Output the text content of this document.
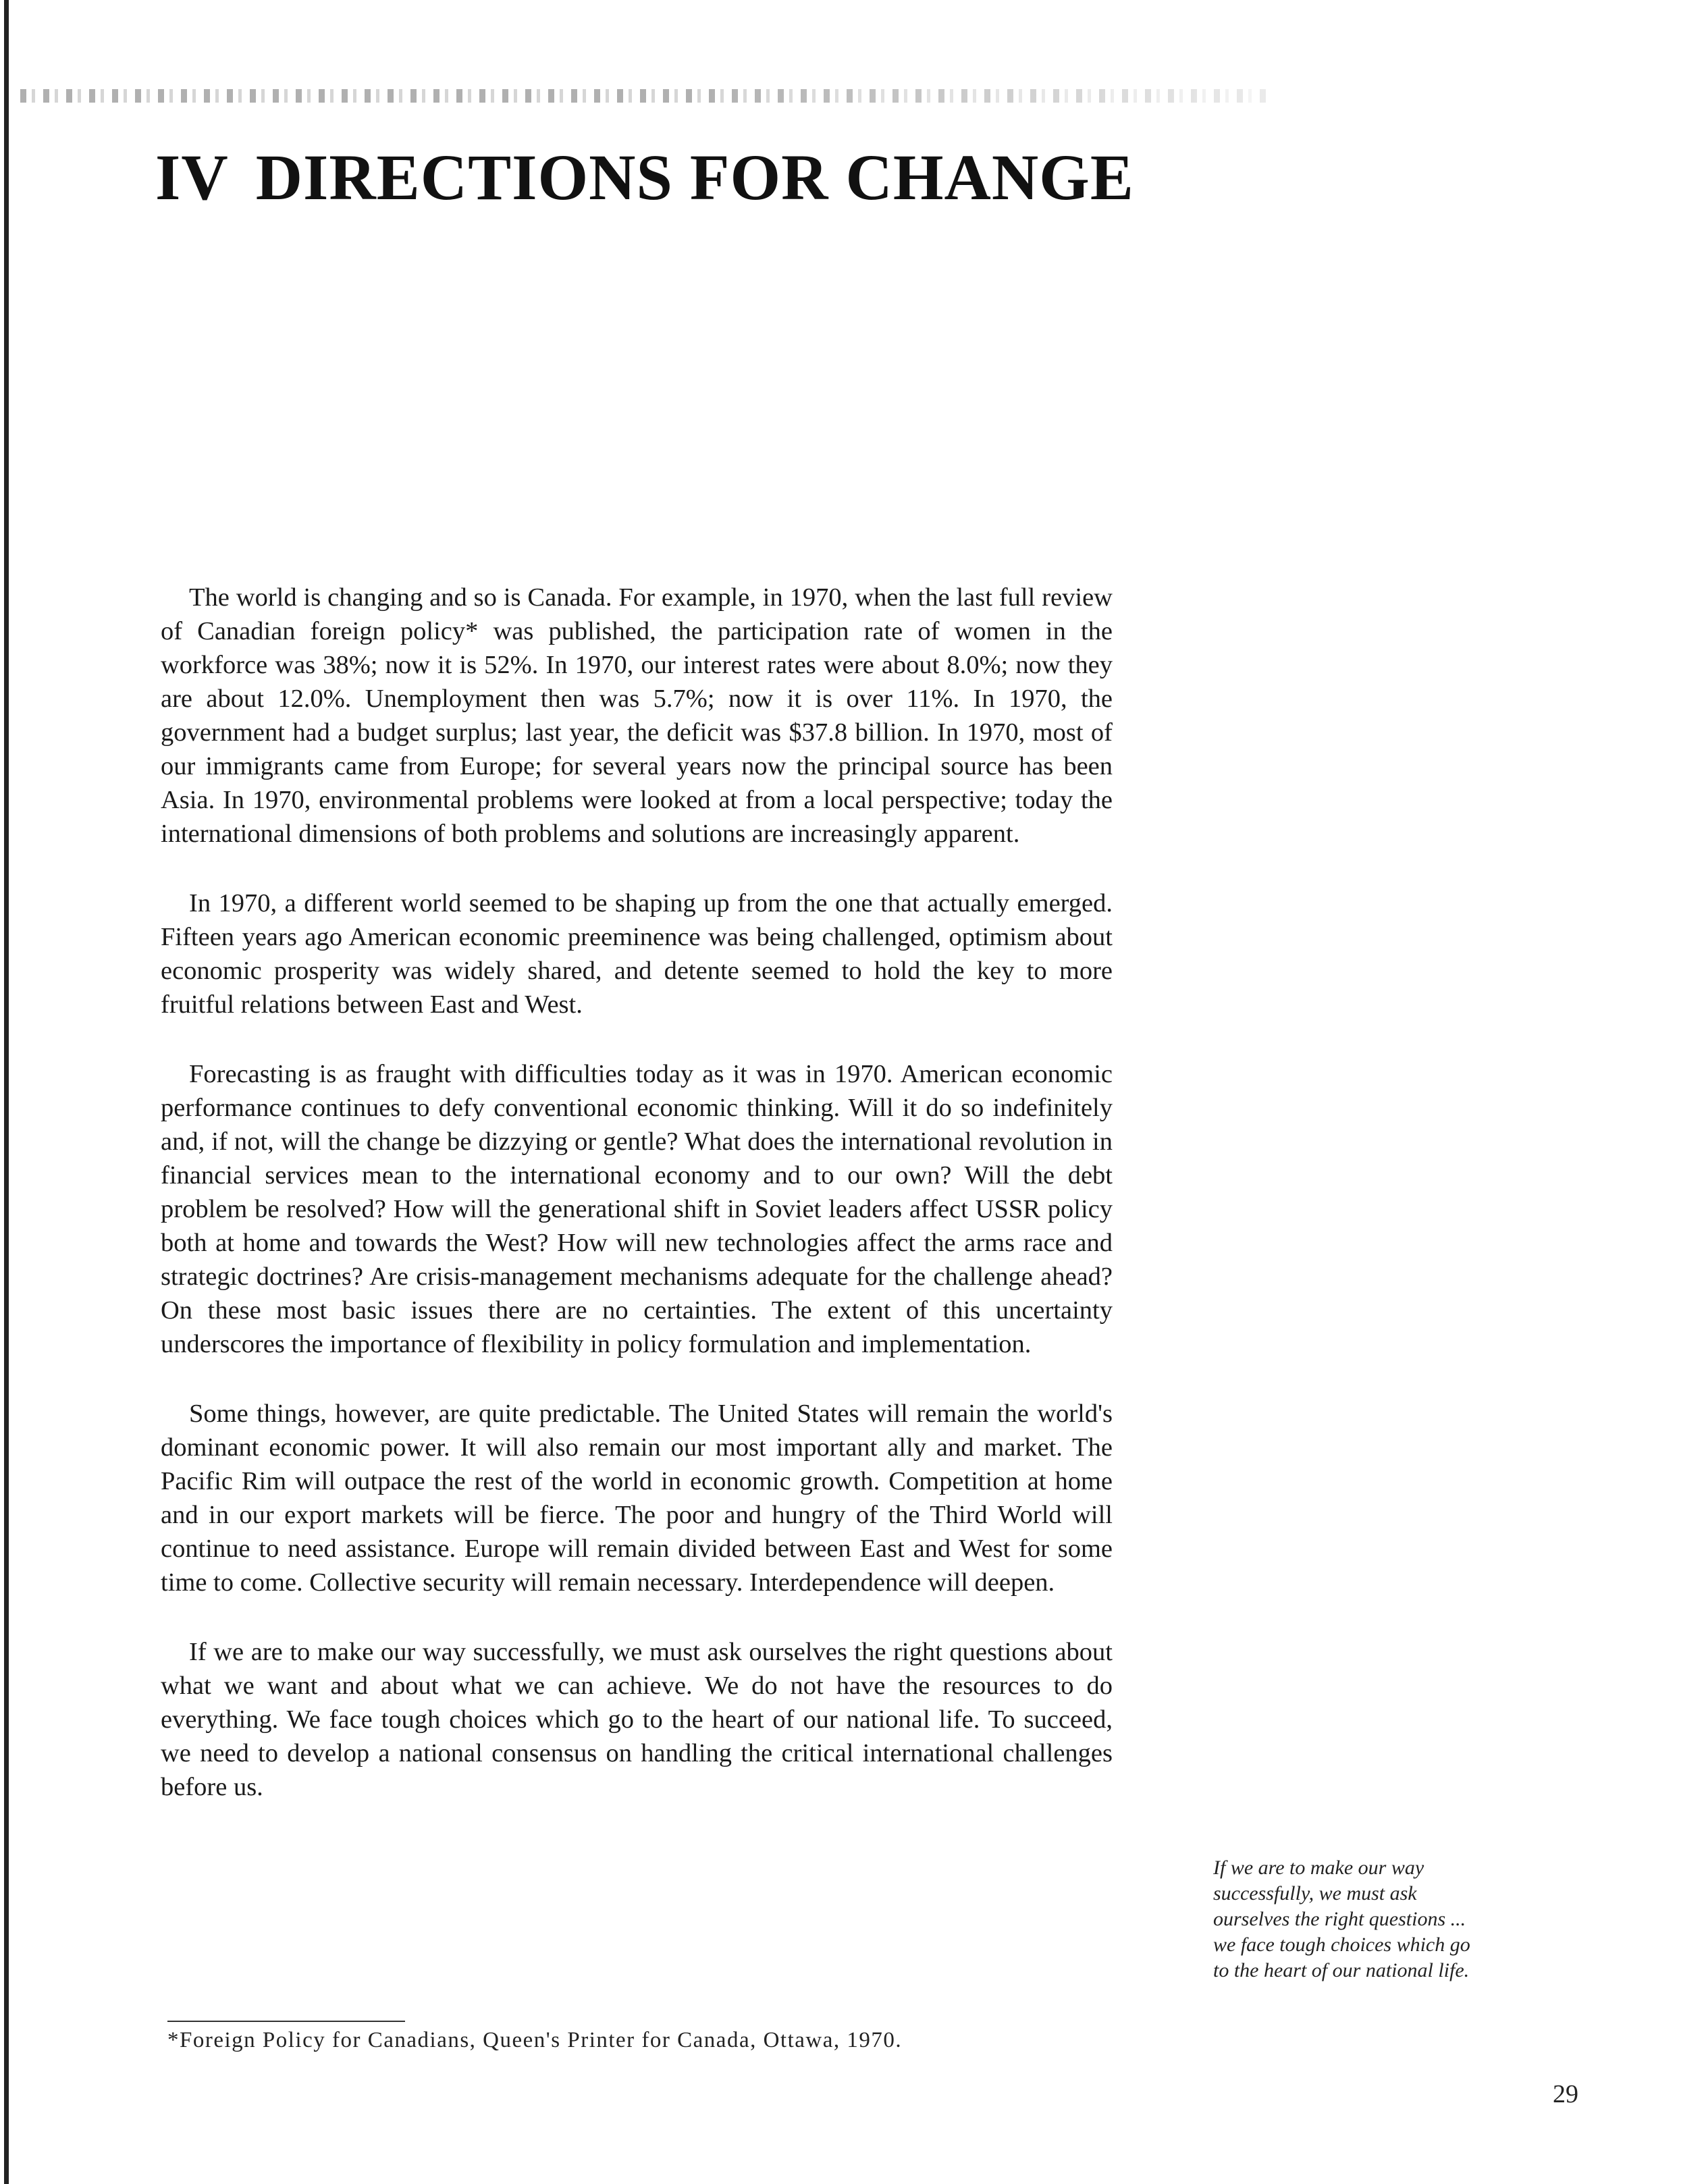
IV DIRECTIONS FOR CHANGE

The world is changing and so is Canada. For example, in 1970, when the last full review of Canadian foreign policy* was published, the participation rate of women in the workforce was 38%; now it is 52%. In 1970, our interest rates were about 8.0%; now they are about 12.0%. Unemployment then was 5.7%; now it is over 11%. In 1970, the government had a budget surplus; last year, the deficit was $37.8 billion. In 1970, most of our immigrants came from Europe; for several years now the principal source has been Asia. In 1970, environmental problems were looked at from a local perspective; today the international dimensions of both problems and solutions are increasingly apparent.

In 1970, a different world seemed to be shaping up from the one that actually emerged. Fifteen years ago American economic preeminence was being challenged, optimism about economic prosperity was widely shared, and detente seemed to hold the key to more fruitful relations between East and West.

Forecasting is as fraught with difficulties today as it was in 1970. American economic performance continues to defy conventional economic thinking. Will it do so indefinitely and, if not, will the change be dizzying or gentle? What does the international revolution in financial services mean to the international economy and to our own? Will the debt problem be resolved? How will the generational shift in Soviet leaders affect USSR policy both at home and towards the West? How will new technologies affect the arms race and strategic doctrines? Are crisis-management mechanisms adequate for the challenge ahead? On these most basic issues there are no certainties. The extent of this uncertainty underscores the importance of flexibility in policy formulation and implementation.

Some things, however, are quite predictable. The United States will remain the world's dominant economic power. It will also remain our most important ally and market. The Pacific Rim will outpace the rest of the world in economic growth. Competition at home and in our export markets will be fierce. The poor and hungry of the Third World will continue to need assistance. Europe will remain divided between East and West for some time to come. Collective security will remain necessary. Interdependence will deepen.

If we are to make our way successfully, we must ask ourselves the right questions about what we want and about what we can achieve. We do not have the resources to do everything. We face tough choices which go to the heart of our national life. To succeed, we need to develop a national consensus on handling the critical international challenges before us.

If we are to make our way
successfully, we must ask
ourselves the right questions ...
we face tough choices which go
to the heart of our national life.

*Foreign Policy for Canadians, Queen's Printer for Canada, Ottawa, 1970.

29
